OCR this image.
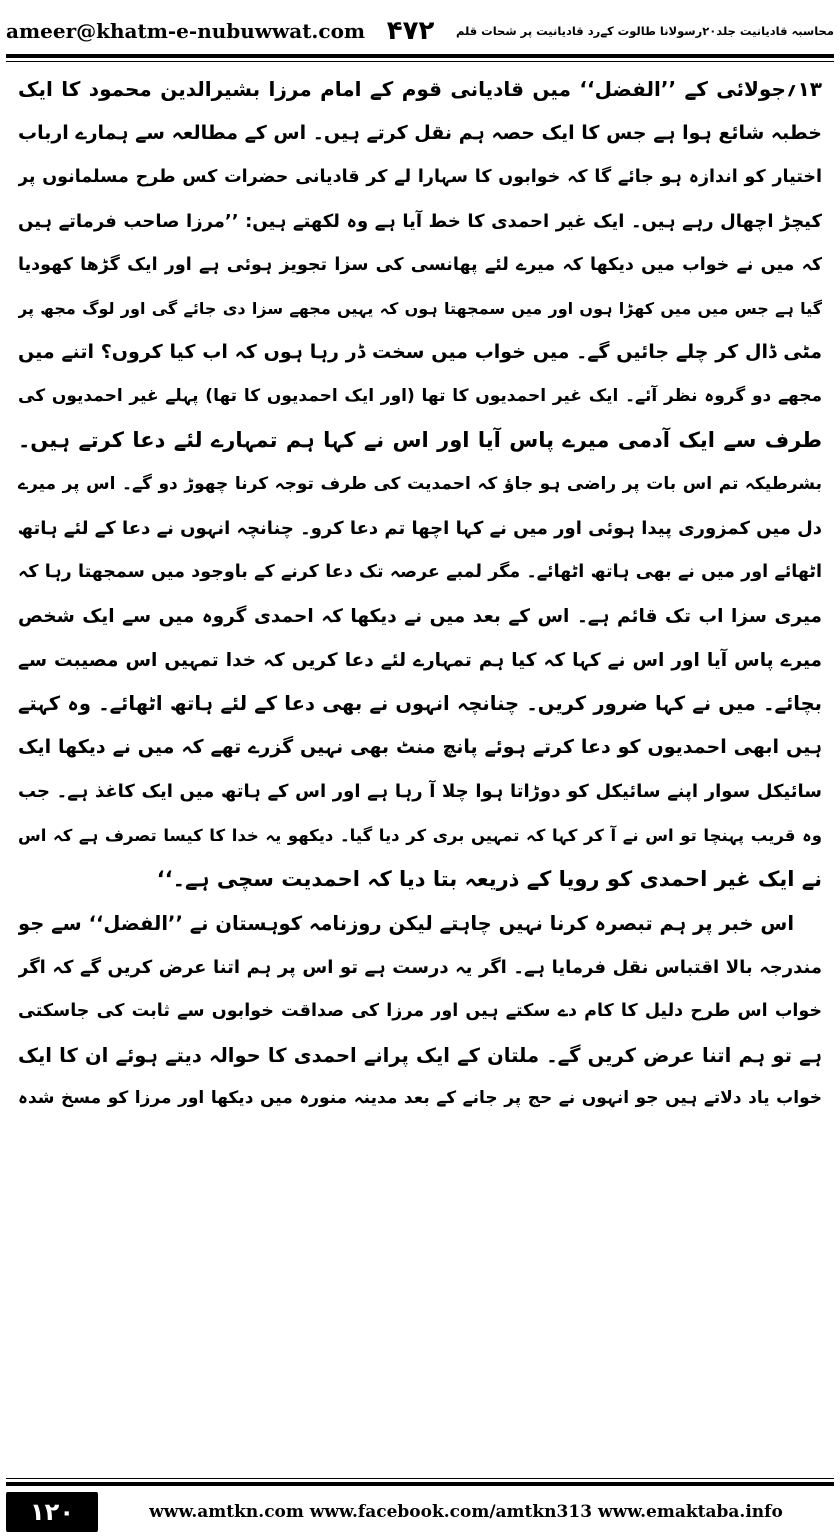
ameer@khatm-e-nubuwwat.com ۴۷۲ محاسبہ قادیانیت جلد۲۰رسولانا طالوت کےرد قادیانیت پر شحات قلم
۱۳؍جولائی کے ’’الفضل‘‘ میں قادیانی قوم کے امام مرزا بشیرالدین محمود کا ایک
خطبہ شائع ہوا ہے جس کا ایک حصہ ہم نقل کرتے ہیں۔ اس کے مطالعہ سے ہمارے ارباب
اختیار کو اندازہ ہو جائے گا کہ خوابوں کا سہارا لے کر قادیانی حضرات کس طرح مسلمانوں پر
کیچڑ اچھال رہے ہیں۔ ایک غیر احمدی کا خط آیا ہے وہ لکھتے ہیں: ’’مرزا صاحب فرماتے ہیں
کہ میں نے خواب میں دیکھا کہ میرے لئے پھانسی کی سزا تجویز ہوئی ہے اور ایک گڑھا کھودیا
گیا ہے جس میں میں کھڑا ہوں اور میں سمجھتا ہوں کہ یہیں مجھے سزا دی جائے گی اور لوگ مجھ پر
مٹی ڈال کر چلے جائیں گے۔ میں خواب میں سخت ڈر رہا ہوں کہ اب کیا کروں؟ اتنے میں
مجھے دو گروہ نظر آئے۔ ایک غیر احمدیوں کا تھا (اور ایک احمدیوں کا تھا) پہلے غیر احمدیوں کی
طرف سے ایک آدمی میرے پاس آیا اور اس نے کہا ہم تمہارے لئے دعا کرتے ہیں۔
بشرطیکہ تم اس بات پر راضی ہو جاؤ کہ احمدیت کی طرف توجہ کرنا چھوڑ دو گے۔ اس پر میرے
دل میں کمزوری پیدا ہوئی اور میں نے کہا اچھا تم دعا کرو۔ چنانچہ انہوں نے دعا کے لئے ہاتھ
اٹھائے اور میں نے بھی ہاتھ اٹھائے۔ مگر لمبے عرصہ تک دعا کرنے کے باوجود میں سمجھتا رہا کہ
میری سزا اب تک قائم ہے۔ اس کے بعد میں نے دیکھا کہ احمدی گروہ میں سے ایک شخص
میرے پاس آیا اور اس نے کہا کہ کیا ہم تمہارے لئے دعا کریں کہ خدا تمہیں اس مصیبت سے
بچائے۔ میں نے کہا ضرور کریں۔ چنانچہ انہوں نے بھی دعا کے لئے ہاتھ اٹھائے۔ وہ کہتے
ہیں ابھی احمدیوں کو دعا کرتے ہوئے پانچ منٹ بھی نہیں گزرے تھے کہ میں نے دیکھا ایک
سائیکل سوار اپنے سائیکل کو دوڑاتا ہوا چلا آ رہا ہے اور اس کے ہاتھ میں ایک کاغذ ہے۔ جب
وہ قریب پہنچا تو اس نے آ کر کہا کہ تمہیں بری کر دیا گیا۔ دیکھو یہ خدا کا کیسا تصرف ہے کہ اس
نے ایک غیر احمدی کو رویا کے ذریعہ بتا دیا کہ احمدیت سچی ہے۔‘‘
اس خبر پر ہم تبصرہ کرنا نہیں چاہتے لیکن روزنامہ کوہستان نے ’’الفضل‘‘ سے جو
مندرجہ بالا اقتباس نقل فرمایا ہے۔ اگر یہ درست ہے تو اس پر ہم اتنا عرض کریں گے کہ اگر
خواب اس طرح دلیل کا کام دے سکتے ہیں اور مرزا کی صداقت خوابوں سے ثابت کی جاسکتی
ہے تو ہم اتنا عرض کریں گے۔ ملتان کے ایک پرانے احمدی کا حوالہ دیتے ہوئے ان کا ایک
خواب یاد دلاتے ہیں جو انہوں نے حج پر جانے کے بعد مدینہ منورہ میں دیکھا اور مرزا کو مسخ شدہ
۱۲۰	www.amtkn.com www.facebook.com/amtkn313 www.emaktaba.info
